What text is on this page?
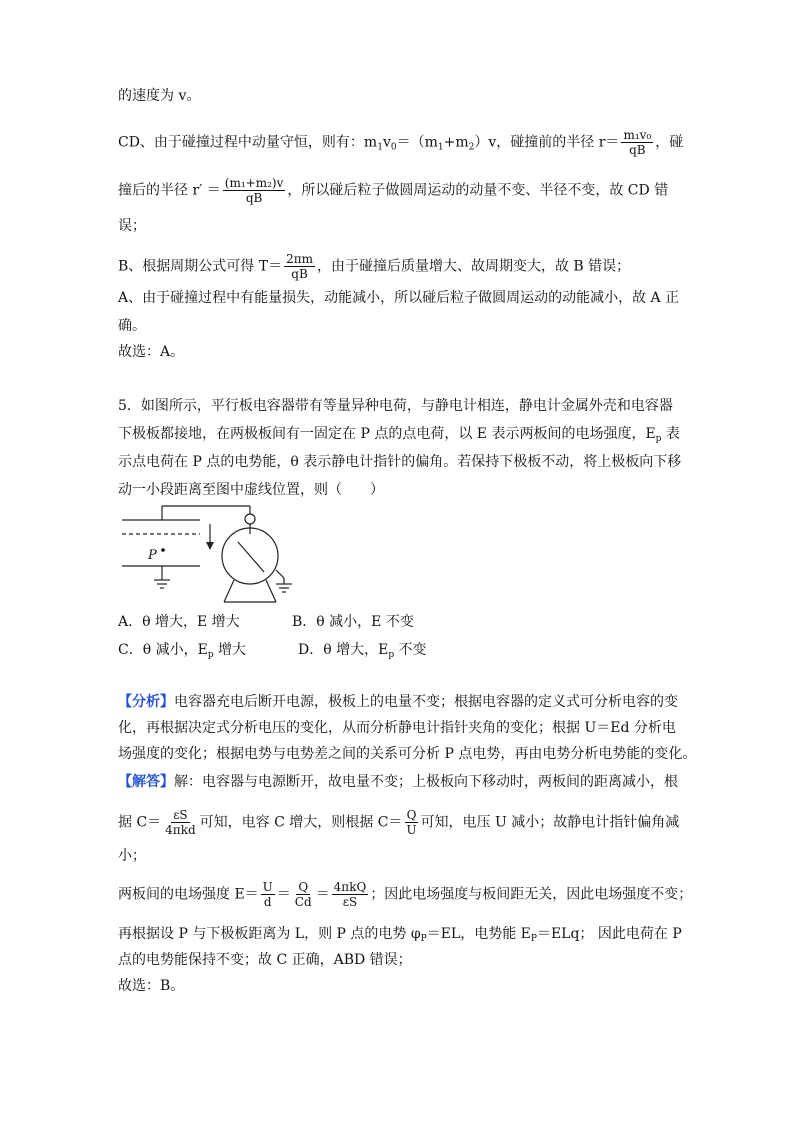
的速度为 v。
CD、由于碰撞过程中动量守恒，则有：$m_1v_0=(m_1+m_2)v$，碰撞前的半径 $r= \frac{\text{m₁v₀}}{qB}$ ，碰
撞后的半径 $r' = \frac{\text{(m₁+m₂)v}}{qB}$ ，所以碰后粒子做圆周运动的动量不变、半径不变，故 CD 错
误；
B、根据周期公式可得 $T= \frac{2\pi m}{qB}$ ，由于碰撞后质量增大、故周期变大，故 B 错误；
A、由于碰撞过程中有能量损失，动能减小，所以碰后粒子做圆周运动的动能减小，故 A 正
确。
故选：A。
5．如图所示，平行板电容器带有等量异种电荷，与静电计相连，静电计金属外壳和电容器
下极板都接地，在两极板间有一固定在 P 点的点电荷，以 E 表示两板间的电场强度，$E_p$ 表
示点电荷在 P 点的电势能，θ 表示静电计指针的偏角。若保持下极板不动，将上极板向下移
动一小段距离至图中虚线位置，则（　　）
P
A．θ 增大，E 增大	B．θ 减小，E 不变
C．θ 减小，$E_p$ 增大	D．θ 增大，$E_p$ 不变
【分析】电容器充电后断开电源，极板上的电量不变；根据电容器的定义式可分析电容的变
化，再根据决定式分析电压的变化，从而分析静电计指针夹角的变化；根据 U＝Ed 分析电
场强度的变化；根据电势与电势差之间的关系可分析 P 点电势，再由电势分析电势能的变化。
【解答】解：电容器与电源断开，故电量不变；上极板向下移动时，两板间的距离减小，根
据 $C= \frac{\varepsilon S}{\text{4πkd}}$ 可知，电容 C 增大，则根据 $C= \frac{Q}{U}$ 可知，电压 U 减小；故静电计指针偏角减
小；
两板间的电场强度 $E= \frac{U}{d} = \frac{Q}{Cd} = \frac{\text{4πkQ}}{\varepsilon S}$ ；因此电场强度与板间距无关，因此电场强度不变；
再根据设 P 与下极板距离为 L，则 P 点的电势 $\varphi_P=EL$，电势能 $E_P=ELq$； 因此电荷在 P
点的电势能保持不变；故 C 正确，ABD 错误；
故选：B。
